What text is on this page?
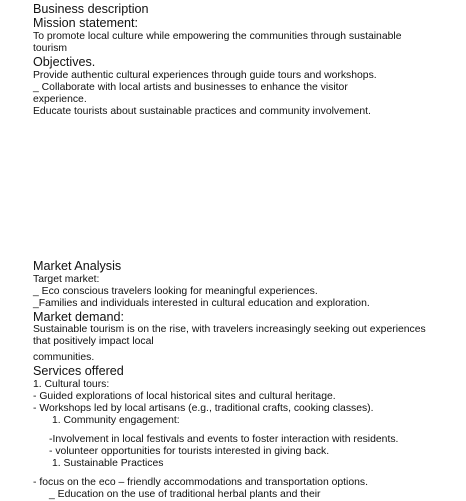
Business description
Mission statement:
To promote local culture while empowering the communities through sustainable
tourism
Objectives.
Provide authentic cultural experiences through guide tours and workshops.
_ Collaborate with local artists and businesses to enhance the visitor
experience.
Educate tourists about sustainable practices and community involvement.
Market Analysis
Target market:
_ Eco conscious travelers looking for meaningful experiences.
_Families and individuals interested in cultural education and exploration.
Market demand:
Sustainable tourism is on the rise, with travelers increasingly seeking out experiences
that positively impact local
communities.
Services offered
1. Cultural tours:
- Guided explorations of local historical sites and cultural heritage.
- Workshops led by local artisans (e.g., traditional crafts, cooking classes).
1. Community engagement:
-Involvement in local festivals and events to foster interaction with residents.
- volunteer opportunities for tourists interested in giving back.
1. Sustainable Practices
- focus on the eco – friendly accommodations and transportation options.
_ Education on the use of traditional herbal plants and their
